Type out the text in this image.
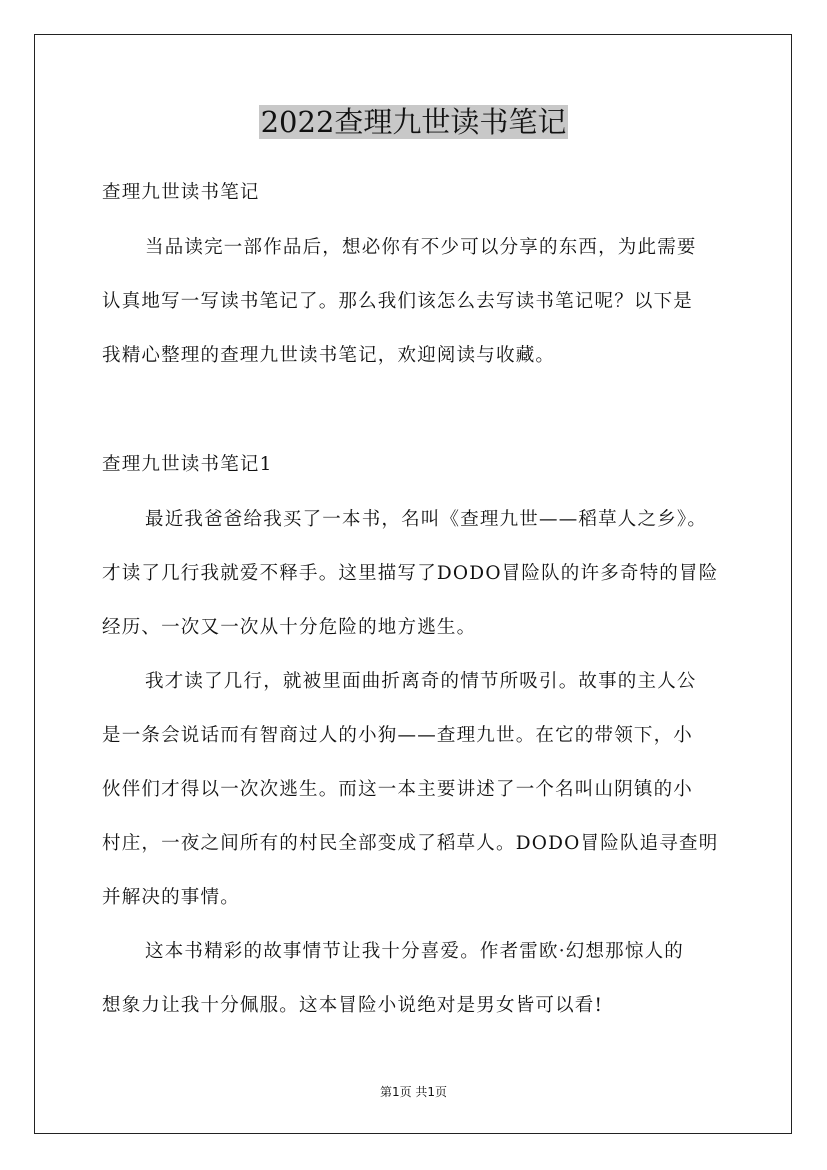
2022查理九世读书笔记
查理九世读书笔记
当品读完一部作品后，想必你有不少可以分享的东西，为此需要
认真地写一写读书笔记了。那么我们该怎么去写读书笔记呢？以下是
我精心整理的查理九世读书笔记，欢迎阅读与收藏。
查理九世读书笔记1
最近我爸爸给我买了一本书，名叫《查理九世——稻草人之乡》。
才读了几行我就爱不释手。这里描写了DODO冒险队的许多奇特的冒险
经历、一次又一次从十分危险的地方逃生。
我才读了几行，就被里面曲折离奇的情节所吸引。故事的主人公
是一条会说话而有智商过人的小狗——查理九世。在它的带领下，小
伙伴们才得以一次次逃生。而这一本主要讲述了一个名叫山阴镇的小
村庄，一夜之间所有的村民全部变成了稻草人。DODO冒险队追寻查明
并解决的事情。
这本书精彩的故事情节让我十分喜爱。作者雷欧·幻想那惊人的
想象力让我十分佩服。这本冒险小说绝对是男女皆可以看!
第1页 共1页
